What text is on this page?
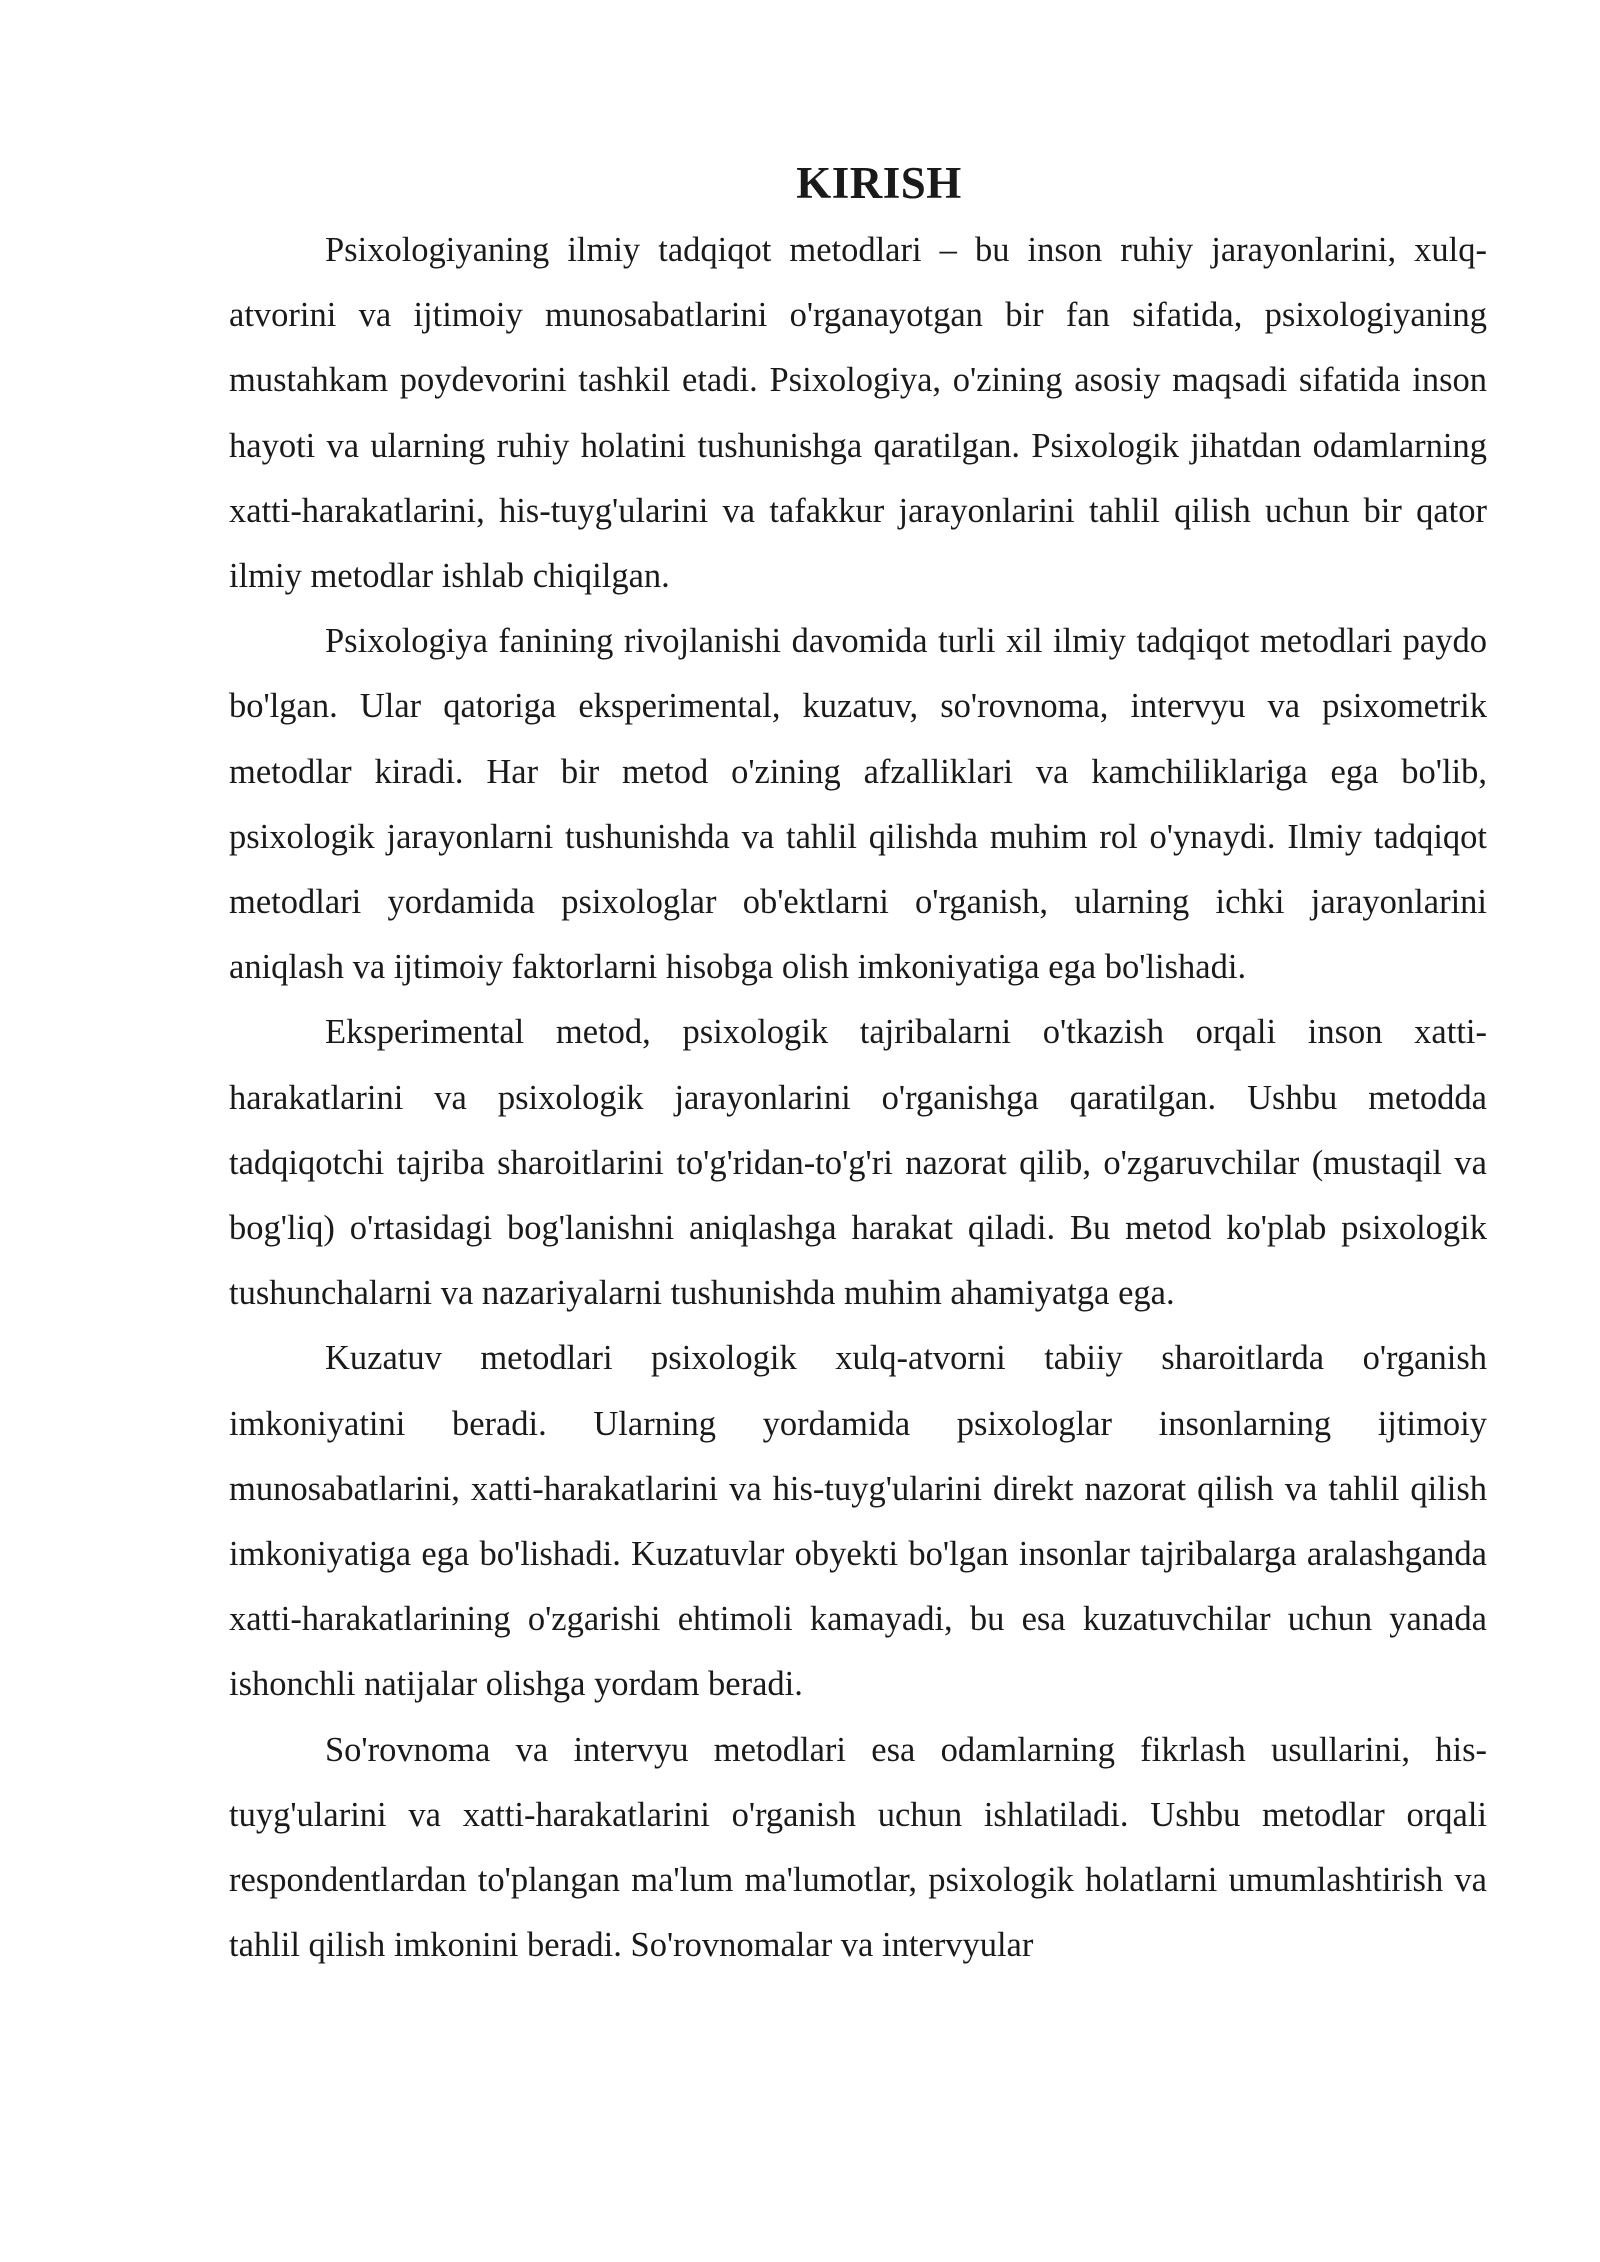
KIRISH

Psixologiyaning ilmiy tadqiqot metodlari – bu inson ruhiy jarayonlarini, xulq-atvorini va ijtimoiy munosabatlarini o'rganayotgan bir fan sifatida, psixologiyaning mustahkam poydevorini tashkil etadi. Psixologiya, o'zining asosiy maqsadi sifatida inson hayoti va ularning ruhiy holatini tushunishga qaratilgan. Psixologik jihatdan odamlarning xatti-harakatlarini, his-tuyg'ularini va tafakkur jarayonlarini tahlil qilish uchun bir qator ilmiy metodlar ishlab chiqilgan.

Psixologiya fanining rivojlanishi davomida turli xil ilmiy tadqiqot metodlari paydo bo'lgan. Ular qatoriga eksperimental, kuzatuv, so'rovnoma, intervyu va psixometrik metodlar kiradi. Har bir metod o'zining afzalliklari va kamchiliklariga ega bo'lib, psixologik jarayonlarni tushunishda va tahlil qilishda muhim rol o'ynaydi. Ilmiy tadqiqot metodlari yordamida psixologlar ob'ektlarni o'rganish, ularning ichki jarayonlarini aniqlash va ijtimoiy faktorlarni hisobga olish imkoniyatiga ega bo'lishadi.

Eksperimental metod, psixologik tajribalarni o'tkazish orqali inson xatti-harakatlarini va psixologik jarayonlarini o'rganishga qaratilgan. Ushbu metodda tadqiqotchi tajriba sharoitlarini to'g'ridan-to'g'ri nazorat qilib, o'zgaruvchilar (mustaqil va bog'liq) o'rtasidagi bog'lanishni aniqlashga harakat qiladi. Bu metod ko'plab psixologik tushunchalarni va nazariyalarni tushunishda muhim ahamiyatga ega.

Kuzatuv metodlari psixologik xulq-atvorni tabiiy sharoitlarda o'rganish imkoniyatini beradi. Ularning yordamida psixologlar insonlarning ijtimoiy munosabatlarini, xatti-harakatlarini va his-tuyg'ularini direkt nazorat qilish va tahlil qilish imkoniyatiga ega bo'lishadi. Kuzatuvlar obyekti bo'lgan insonlar tajribalarga aralashganda xatti-harakatlarining o'zgarishi ehtimoli kamayadi, bu esa kuzatuvchilar uchun yanada ishonchli natijalar olishga yordam beradi.

So'rovnoma va intervyu metodlari esa odamlarning fikrlash usullarini, his-tuyg'ularini va xatti-harakatlarini o'rganish uchun ishlatiladi. Ushbu metodlar orqali respondentlardan to'plangan ma'lum ma'lumotlar, psixologik holatlarni umumlashtirish va tahlil qilish imkonini beradi. So'rovnomalar va intervyular
